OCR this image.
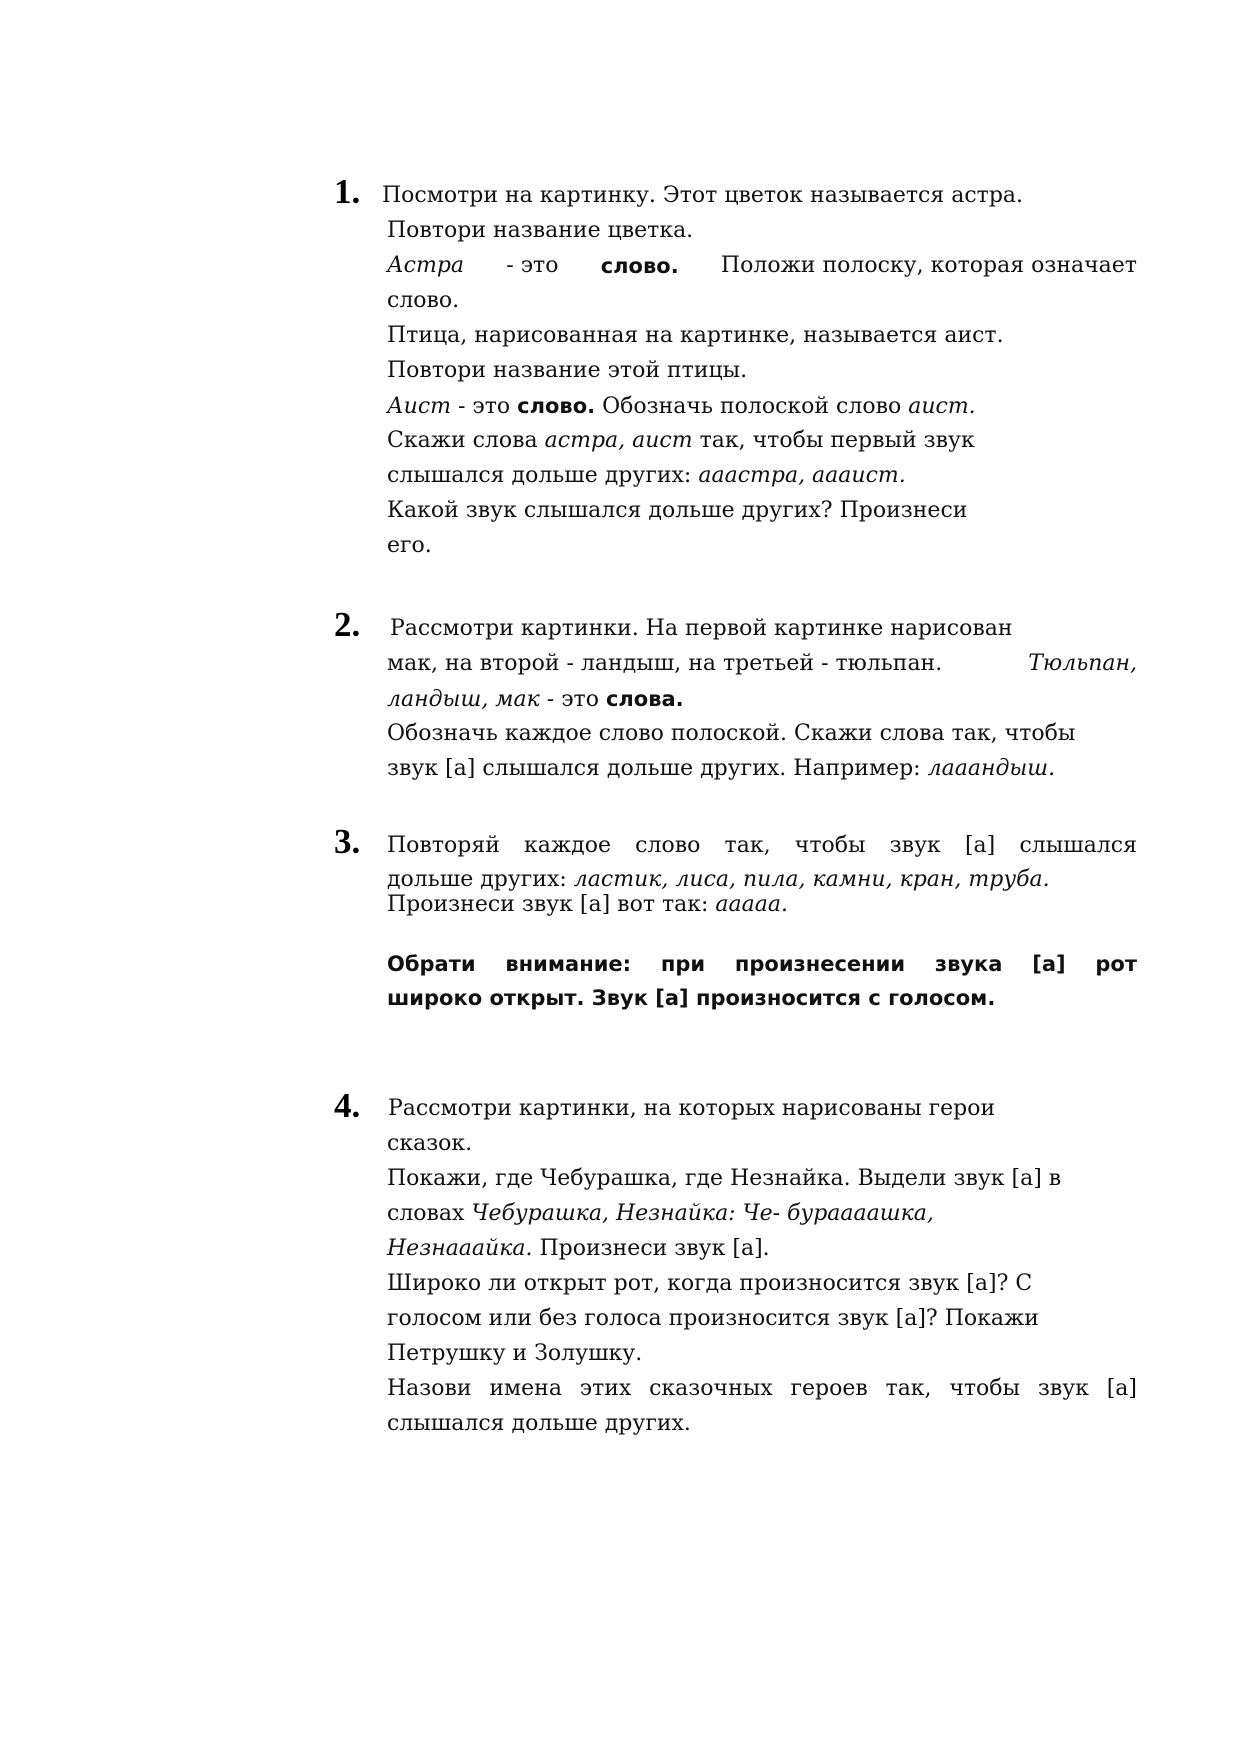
1. Посмотри на картинку. Этот цветок называется астра.
Повтори название цветка.
Астра - это слово. Положи полоску, которая означает
слово.
Птица, нарисованная на картинке, называется аист.
Повтори название этой птицы.
Аист - это слово. Обозначь полоской слово аист.
Скажи слова астра, аист так, чтобы первый звук
слышался дольше других: ааастра, аааист.
Какой звук слышался дольше других? Произнеси
его.
2. Рассмотри картинки. На первой картинке нарисован
мак, на второй - ландыш, на третьей - тюльпан.	Тюльпан,
ландыш, мак - это слова.
Обозначь каждое слово полоской. Скажи слова так, чтобы
звук [а] слышался дольше других. Например: лааандыш.
3. Повторяй каждое слово так, чтобы звук [а] слышался
дольше других: ластик, лиса, пила, камни, кран, труба.
Произнеси звук [а] вот так: ааааа.
Обрати внимание: при произнесении звука [а] рот
широко открыт. Звук [а] произносится с голосом.
4. Рассмотри картинки, на которых нарисованы герои
сказок.
Покажи, где Чебурашка, где Незнайка. Выдели звук [а] в
словах Чебурашка, Незнайка: Че- бураааашка,
Незнааайка. Произнеси звук [а].
Широко ли открыт рот, когда произносится звук [а]? С
голосом или без голоса произносится звук [а]? Покажи
Петрушку и Золушку.
Назови имена этих сказочных героев так, чтобы звук [а]
слышался дольше других.
